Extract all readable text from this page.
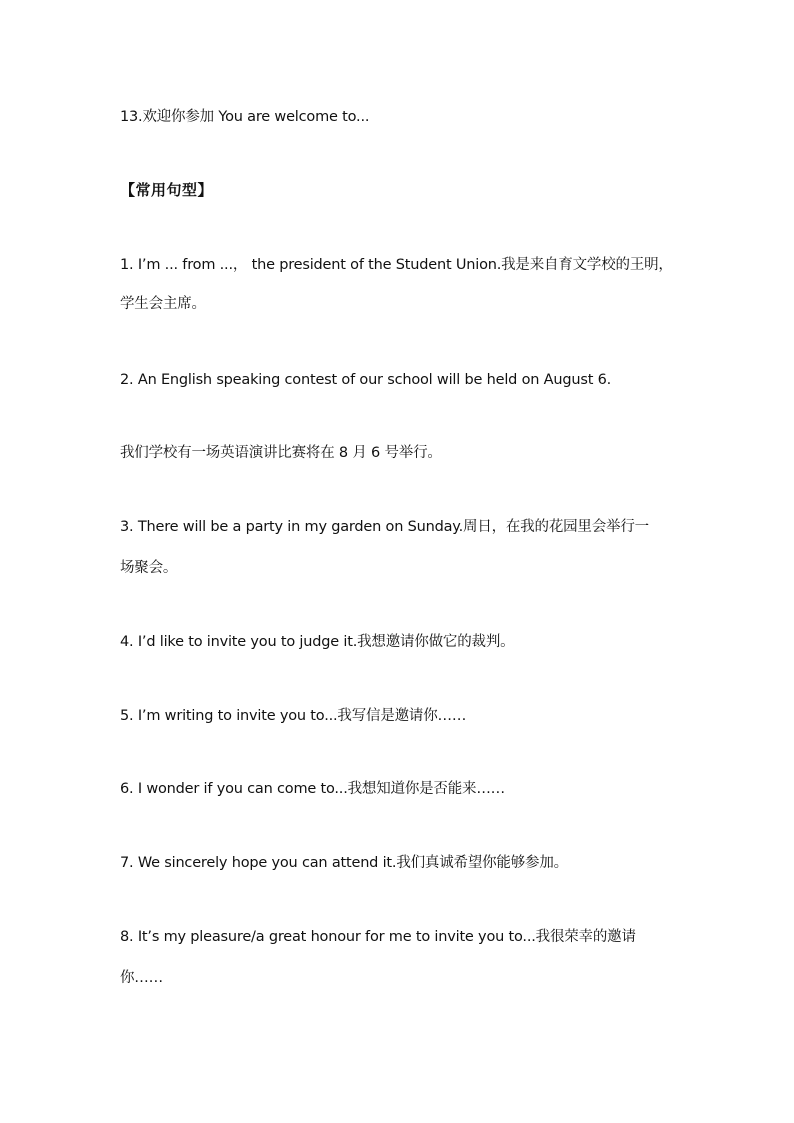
13.欢迎你参加 You are welcome to...
【常用句型】
1. I’m ... from ...， the president of the Student Union.我是来自育文学校的王明，
学生会主席。
2. An English speaking contest of our school will be held on August 6.
我们学校有一场英语演讲比赛将在 8 月 6 号举行。
3. There will be a party in my garden on Sunday.周日，在我的花园里会举行一
场聚会。
4. I’d like to invite you to judge it.我想邀请你做它的裁判。
5. I’m writing to invite you to...我写信是邀请你……
6. I wonder if you can come to...我想知道你是否能来……
7. We sincerely hope you can attend it.我们真诚希望你能够参加。
8. It’s my pleasure/a great honour for me to invite you to...我很荣幸的邀请
你……
